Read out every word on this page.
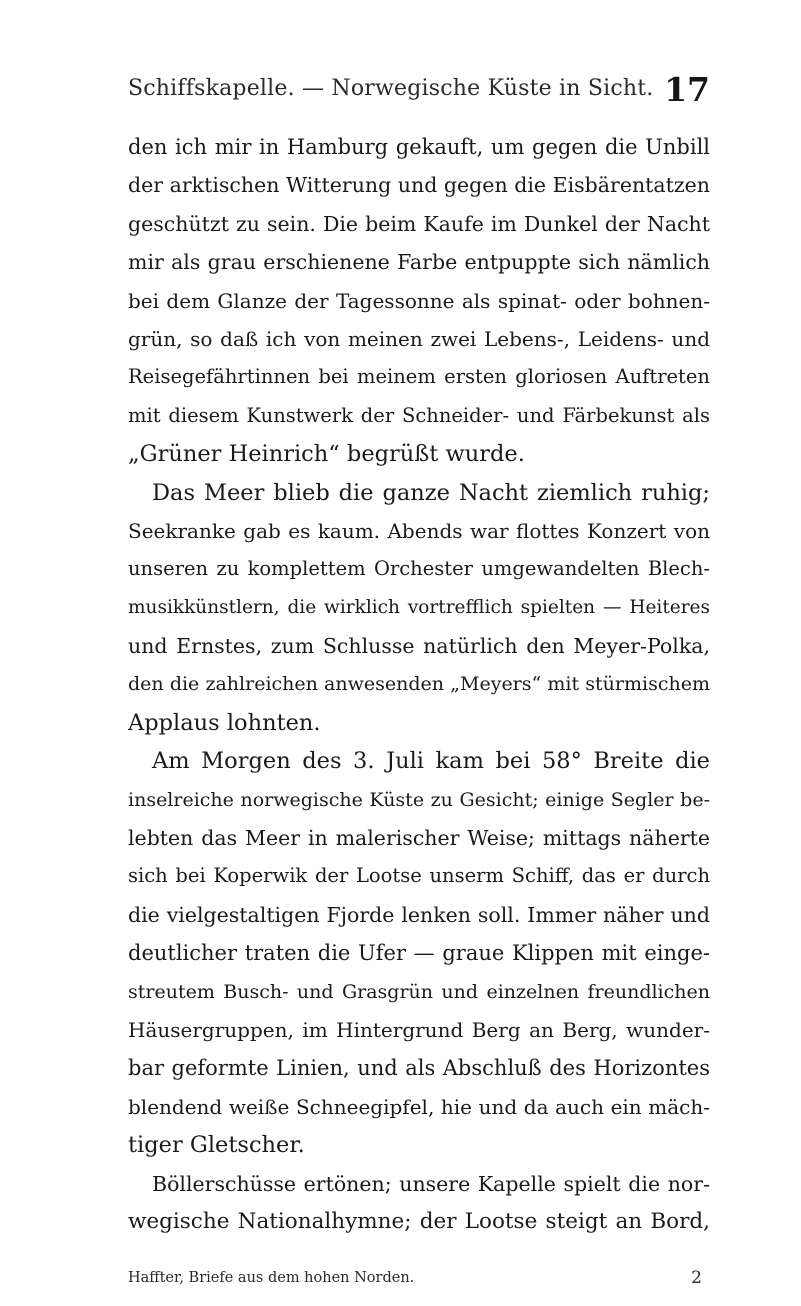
Schiffskapelle. — Norwegische Küste in Sicht. 17
den ich mir in Hamburg gekauft, um gegen die Unbill
der arktischen Witterung und gegen die Eisbärentatzen
geschützt zu sein. Die beim Kaufe im Dunkel der Nacht
mir als grau erschienene Farbe entpuppte sich nämlich
bei dem Glanze der Tagessonne als spinat- oder bohnen-
grün, so daß ich von meinen zwei Lebens-, Leidens- und
Reisegefährtinnen bei meinem ersten gloriosen Auftreten
mit diesem Kunstwerk der Schneider- und Färbekunst als
„Grüner Heinrich“ begrüßt wurde.
Das Meer blieb die ganze Nacht ziemlich ruhig;
Seekranke gab es kaum. Abends war flottes Konzert von
unseren zu komplettem Orchester umgewandelten Blech-
musikkünstlern, die wirklich vortrefflich spielten — Heiteres
und Ernstes, zum Schlusse natürlich den Meyer-Polka,
den die zahlreichen anwesenden „Meyers“ mit stürmischem
Applaus lohnten.
Am Morgen des 3. Juli kam bei 58° Breite die
inselreiche norwegische Küste zu Gesicht; einige Segler be-
lebten das Meer in malerischer Weise; mittags näherte
sich bei Koperwik der Lootse unserm Schiff, das er durch
die vielgestaltigen Fjorde lenken soll. Immer näher und
deutlicher traten die Ufer — graue Klippen mit einge-
streutem Busch- und Grasgrün und einzelnen freundlichen
Häusergruppen, im Hintergrund Berg an Berg, wunder-
bar geformte Linien, und als Abschluß des Horizontes
blendend weiße Schneegipfel, hie und da auch ein mäch-
tiger Gletscher.
Böllerschüsse ertönen; unsere Kapelle spielt die nor-
wegische Nationalhymne; der Lootse steigt an Bord,
Haffter, Briefe aus dem hohen Norden.	2
